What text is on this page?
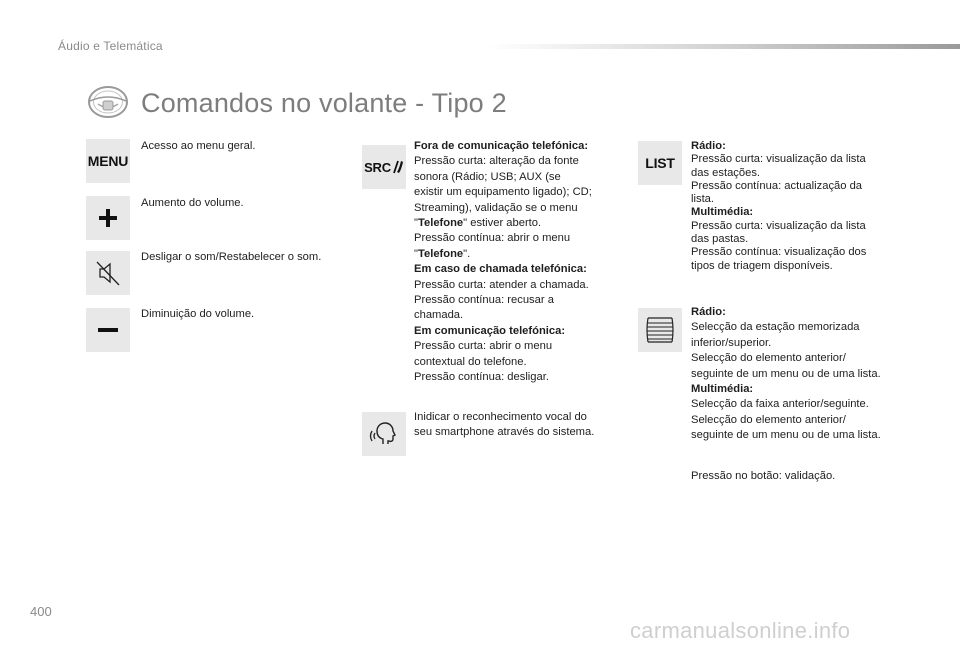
Áudio e Telemática
Comandos no volante - Tipo 2
MENU
Acesso ao menu geral.
Aumento do volume.
Desligar o som/Restabelecer o som.
Diminuição do volume.
SRC

Fora de comunicação telefónica:

Pressão curta: alteração da fonte

sonora (Rádio; USB; AUX (se

existir um equipamento ligado); CD;

Streaming), validação se o menu

"Telefone" estiver aberto.

Pressão contínua: abrir o menu

"Telefone".

Em caso de chamada telefónica:

Pressão curta: atender a chamada.

Pressão contínua: recusar a

chamada.

Em comunicação telefónica:

Pressão curta: abrir o menu

contextual do telefone.

Pressão contínua: desligar.

Inidicar o reconhecimento vocal do

seu smartphone através do sistema.

LIST

Rádio:

Pressão curta: visualização da lista

das estações.

Pressão contínua: actualização da

lista.

Multimédia:

Pressão curta: visualização da lista

das pastas.

Pressão contínua: visualização dos

tipos de triagem disponíveis.

Rádio:

Selecção da estação memorizada

inferior/superior.

Selecção do elemento anterior/

seguinte de um menu ou de uma lista.

Multimédia:

Selecção da faixa anterior/seguinte.

Selecção do elemento anterior/

seguinte de um menu ou de uma lista.

Pressão no botão: validação.
400
carmanualsonline.info
